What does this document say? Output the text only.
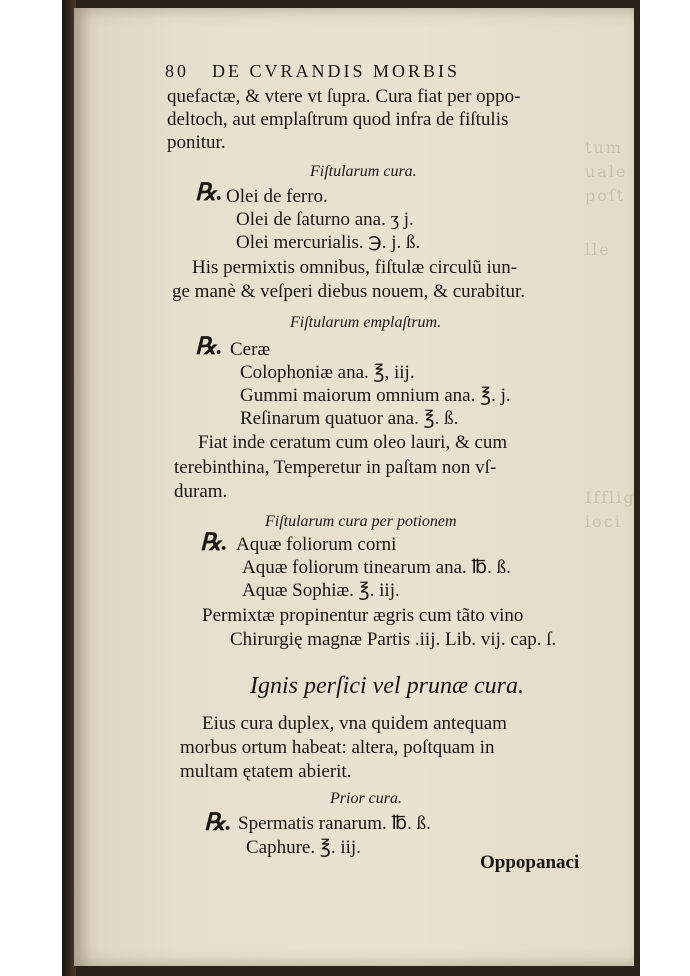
tum
uale
poſt
lle
Ifflig
ioci
80 DE CVRANDIS MORBIS
quefactæ, & vtere vt ſupra. Cura fiat per oppo-
deltoch, aut emplaſtrum quod infra de fiſtulis
ponitur.
Fiſtularum cura.
℞. Olei de ferro.
Olei de ſaturno ana. ʒ j.
Olei mercurialis. ℈. j. ß.
His permixtis omnibus, fiſtulæ circulũ iun-
ge manè & veſperi diebus nouem, & curabitur.
Fiſtularum emplaſtrum.
℞. Ceræ
Colophoniæ ana. ℥, iij.
Gummi maiorum omnium ana. ℥. j.
Reſinarum quatuor ana. ℥. ß.
Fiat inde ceratum cum oleo lauri, & cum
terebinthina, Temperetur in paſtam non vſ-
duram.
Fiſtularum cura per potionem
℞. Aquæ foliorum corni
Aquæ foliorum tinearum ana. ℔. ß.
Aquæ Sophiæ. ℥. iij.
Permixtæ propinentur ægris cum tãto vino
Chirurgię magnæ Partis .iij. Lib. vij. cap. ſ.
Ignis perſici vel prunæ cura.
Eius cura duplex, vna quidem antequam
morbus ortum habeat: altera, poſtquam in
multam ętatem abierit.
Prior cura.
℞. Spermatis ranarum. ℔. ß.
Caphure. ℥. iij.
Oppopanaci
